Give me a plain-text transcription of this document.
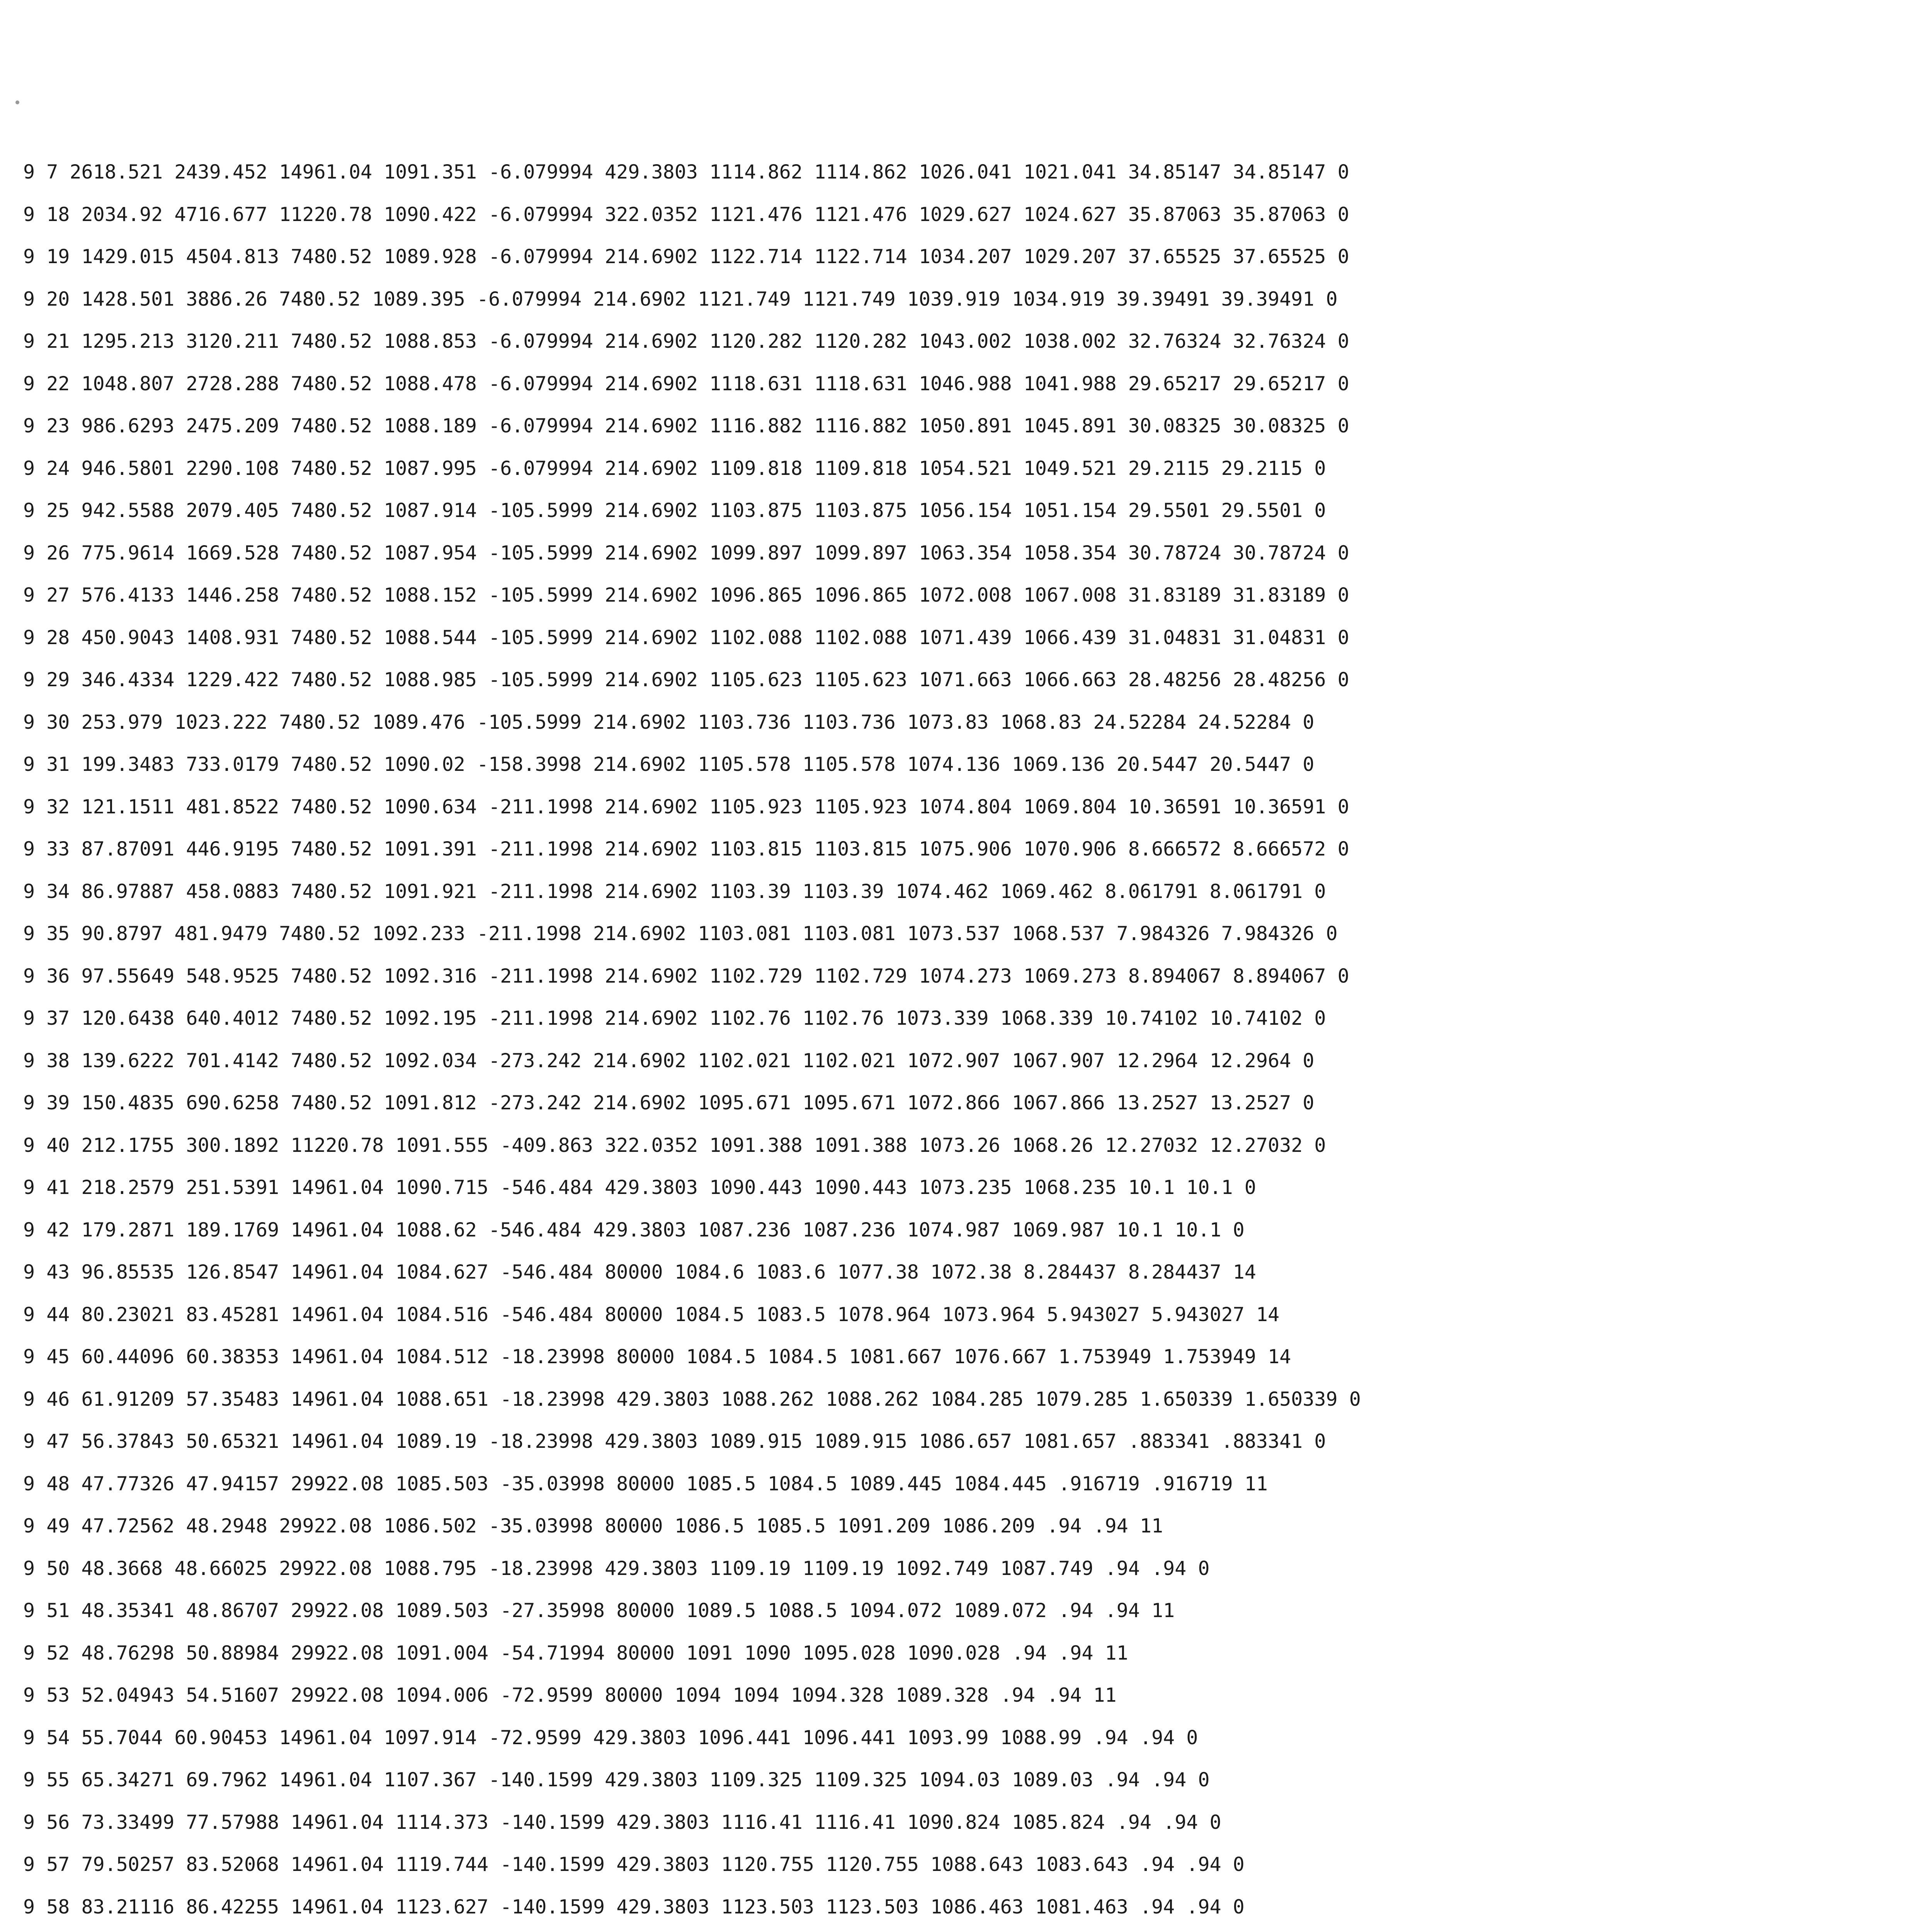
9 7 2618.521 2439.452 14961.04 1091.351 -6.079994 429.3803 1114.862 1114.862 1026.041 1021.041 34.85147 34.85147 0
9 18 2034.92 4716.677 11220.78 1090.422 -6.079994 322.0352 1121.476 1121.476 1029.627 1024.627 35.87063 35.87063 0
9 19 1429.015 4504.813 7480.52 1089.928 -6.079994 214.6902 1122.714 1122.714 1034.207 1029.207 37.65525 37.65525 0
9 20 1428.501 3886.26 7480.52 1089.395 -6.079994 214.6902 1121.749 1121.749 1039.919 1034.919 39.39491 39.39491 0
9 21 1295.213 3120.211 7480.52 1088.853 -6.079994 214.6902 1120.282 1120.282 1043.002 1038.002 32.76324 32.76324 0
9 22 1048.807 2728.288 7480.52 1088.478 -6.079994 214.6902 1118.631 1118.631 1046.988 1041.988 29.65217 29.65217 0
9 23 986.6293 2475.209 7480.52 1088.189 -6.079994 214.6902 1116.882 1116.882 1050.891 1045.891 30.08325 30.08325 0
9 24 946.5801 2290.108 7480.52 1087.995 -6.079994 214.6902 1109.818 1109.818 1054.521 1049.521 29.2115 29.2115 0
9 25 942.5588 2079.405 7480.52 1087.914 -105.5999 214.6902 1103.875 1103.875 1056.154 1051.154 29.5501 29.5501 0
9 26 775.9614 1669.528 7480.52 1087.954 -105.5999 214.6902 1099.897 1099.897 1063.354 1058.354 30.78724 30.78724 0
9 27 576.4133 1446.258 7480.52 1088.152 -105.5999 214.6902 1096.865 1096.865 1072.008 1067.008 31.83189 31.83189 0
9 28 450.9043 1408.931 7480.52 1088.544 -105.5999 214.6902 1102.088 1102.088 1071.439 1066.439 31.04831 31.04831 0
9 29 346.4334 1229.422 7480.52 1088.985 -105.5999 214.6902 1105.623 1105.623 1071.663 1066.663 28.48256 28.48256 0
9 30 253.979 1023.222 7480.52 1089.476 -105.5999 214.6902 1103.736 1103.736 1073.83 1068.83 24.52284 24.52284 0
9 31 199.3483 733.0179 7480.52 1090.02 -158.3998 214.6902 1105.578 1105.578 1074.136 1069.136 20.5447 20.5447 0
9 32 121.1511 481.8522 7480.52 1090.634 -211.1998 214.6902 1105.923 1105.923 1074.804 1069.804 10.36591 10.36591 0
9 33 87.87091 446.9195 7480.52 1091.391 -211.1998 214.6902 1103.815 1103.815 1075.906 1070.906 8.666572 8.666572 0
9 34 86.97887 458.0883 7480.52 1091.921 -211.1998 214.6902 1103.39 1103.39 1074.462 1069.462 8.061791 8.061791 0
9 35 90.8797 481.9479 7480.52 1092.233 -211.1998 214.6902 1103.081 1103.081 1073.537 1068.537 7.984326 7.984326 0
9 36 97.55649 548.9525 7480.52 1092.316 -211.1998 214.6902 1102.729 1102.729 1074.273 1069.273 8.894067 8.894067 0
9 37 120.6438 640.4012 7480.52 1092.195 -211.1998 214.6902 1102.76 1102.76 1073.339 1068.339 10.74102 10.74102 0
9 38 139.6222 701.4142 7480.52 1092.034 -273.242 214.6902 1102.021 1102.021 1072.907 1067.907 12.2964 12.2964 0
9 39 150.4835 690.6258 7480.52 1091.812 -273.242 214.6902 1095.671 1095.671 1072.866 1067.866 13.2527 13.2527 0
9 40 212.1755 300.1892 11220.78 1091.555 -409.863 322.0352 1091.388 1091.388 1073.26 1068.26 12.27032 12.27032 0
9 41 218.2579 251.5391 14961.04 1090.715 -546.484 429.3803 1090.443 1090.443 1073.235 1068.235 10.1 10.1 0
9 42 179.2871 189.1769 14961.04 1088.62 -546.484 429.3803 1087.236 1087.236 1074.987 1069.987 10.1 10.1 0
9 43 96.85535 126.8547 14961.04 1084.627 -546.484 80000 1084.6 1083.6 1077.38 1072.38 8.284437 8.284437 14
9 44 80.23021 83.45281 14961.04 1084.516 -546.484 80000 1084.5 1083.5 1078.964 1073.964 5.943027 5.943027 14
9 45 60.44096 60.38353 14961.04 1084.512 -18.23998 80000 1084.5 1084.5 1081.667 1076.667 1.753949 1.753949 14
9 46 61.91209 57.35483 14961.04 1088.651 -18.23998 429.3803 1088.262 1088.262 1084.285 1079.285 1.650339 1.650339 0
9 47 56.37843 50.65321 14961.04 1089.19 -18.23998 429.3803 1089.915 1089.915 1086.657 1081.657 .883341 .883341 0
9 48 47.77326 47.94157 29922.08 1085.503 -35.03998 80000 1085.5 1084.5 1089.445 1084.445 .916719 .916719 11
9 49 47.72562 48.2948 29922.08 1086.502 -35.03998 80000 1086.5 1085.5 1091.209 1086.209 .94 .94 11
9 50 48.3668 48.66025 29922.08 1088.795 -18.23998 429.3803 1109.19 1109.19 1092.749 1087.749 .94 .94 0
9 51 48.35341 48.86707 29922.08 1089.503 -27.35998 80000 1089.5 1088.5 1094.072 1089.072 .94 .94 11
9 52 48.76298 50.88984 29922.08 1091.004 -54.71994 80000 1091 1090 1095.028 1090.028 .94 .94 11
9 53 52.04943 54.51607 29922.08 1094.006 -72.9599 80000 1094 1094 1094.328 1089.328 .94 .94 11
9 54 55.7044 60.90453 14961.04 1097.914 -72.9599 429.3803 1096.441 1096.441 1093.99 1088.99 .94 .94 0
9 55 65.34271 69.7962 14961.04 1107.367 -140.1599 429.3803 1109.325 1109.325 1094.03 1089.03 .94 .94 0
9 56 73.33499 77.57988 14961.04 1114.373 -140.1599 429.3803 1116.41 1116.41 1090.824 1085.824 .94 .94 0
9 57 79.50257 83.52068 14961.04 1119.744 -140.1599 429.3803 1120.755 1120.755 1088.643 1083.643 .94 .94 0
9 58 83.21116 86.42255 14961.04 1123.627 -140.1599 429.3803 1123.503 1123.503 1086.463 1081.463 .94 .94 0
